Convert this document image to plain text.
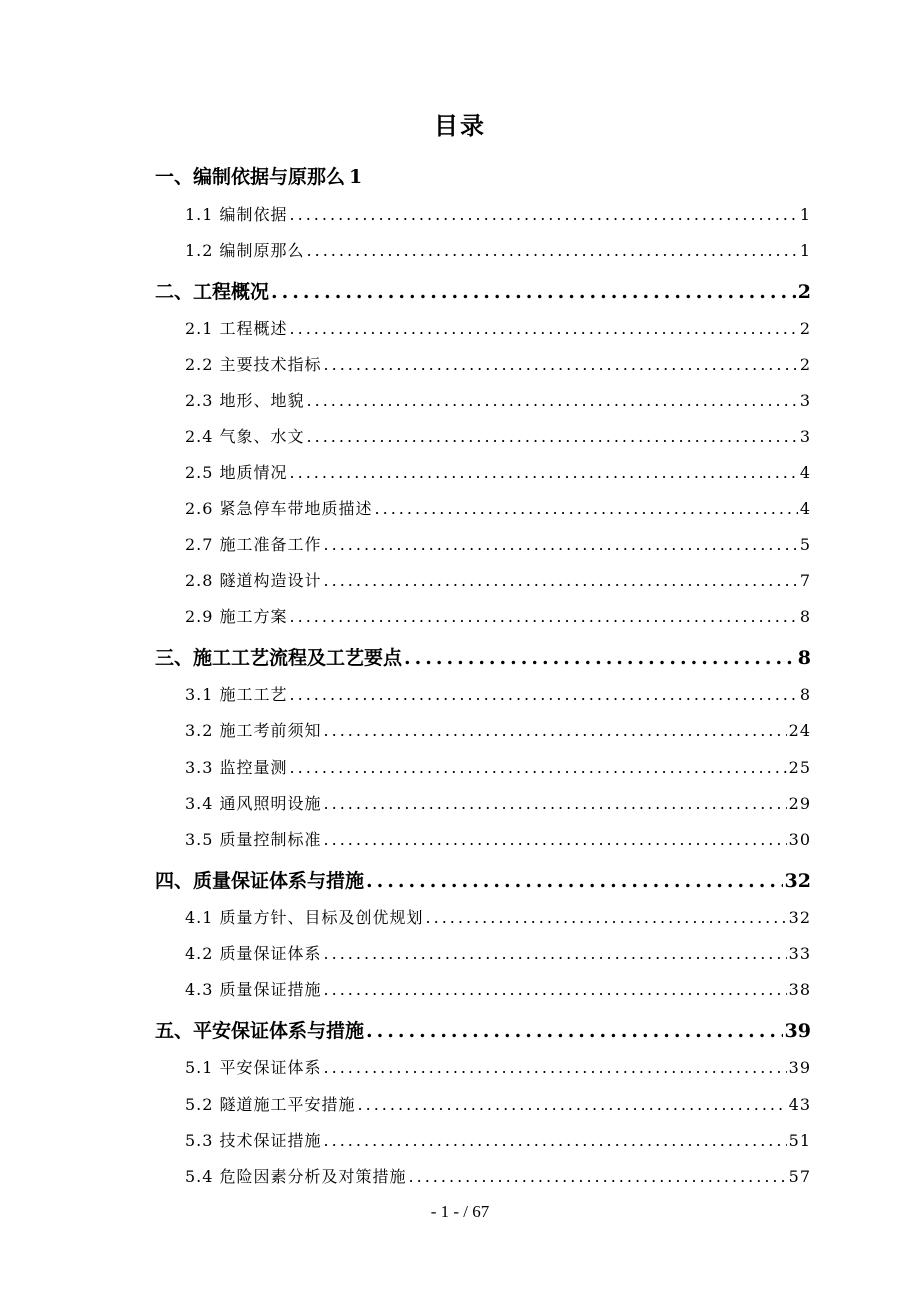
目录
一、编制依据与原那么 1
1.1 编制依据 .....	1
1.2 编制原那么 .....	1
二、工程概况 .....	2
2.1 工程概述 .....	2
2.2 主要技术指标 .....	2
2.3 地形、地貌 .....	3
2.4 气象、水文 .....	3
2.5 地质情况 .....	4
2.6 紧急停车带地质描述 .....	4
2.7 施工准备工作 .....	5
2.8 隧道构造设计 .....	7
2.9 施工方案 .....	8
三、施工工艺流程及工艺要点 .....	8
3.1 施工工艺 .....	8
3.2 施工考前须知 .....	24
3.3 监控量测 .....	25
3.4 通风照明设施 .....	29
3.5 质量控制标准 .....	30
四、质量保证体系与措施 .....	32
4.1 质量方针、目标及创优规划 .....	32
4.2 质量保证体系 .....	33
4.3 质量保证措施 .....	38
五、平安保证体系与措施 .....	39
5.1 平安保证体系 .....	39
5.2 隧道施工平安措施 .....	43
5.3 技术保证措施 .....	51
5.4 危险因素分析及对策措施 .....	57
- 1 - / 67
